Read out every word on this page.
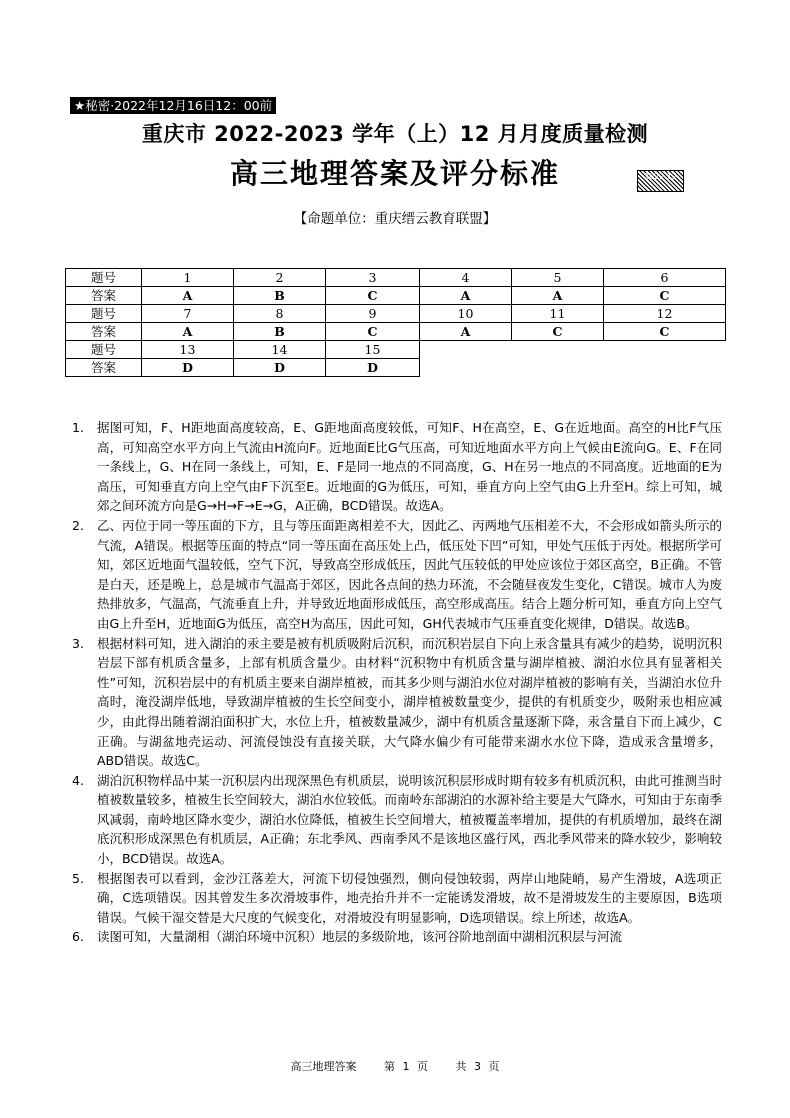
★秘密·2022年12月16日12：00前
重庆市 2022-2023 学年（上）12 月月度质量检测
高三地理答案及评分标准	2022.12
【命题单位：重庆缙云教育联盟】
题号	1	2	3	4	5	6
答案	A	B	C	A	A	C
题号	7	8	9	10	11	12
答案	A	B	C	A	C	C
题号	13	14	15			
答案	D	D	D			
1.	据图可知，F、H距地面高度较高，E、G距地面高度较低，可知F、H在高空，E、G在近地面。高空的H比F气压高，可知高空水平方向上气流由H流向F。近地面E比G气压高，可知近地面水平方向上气候由E流向G。E、F在同一条线上，G、H在同一条线上，可知，E、F是同一地点的不同高度，G、H在另一地点的不同高度。近地面的E为高压，可知垂直方向上空气由F下沉至E。近地面的G为低压，可知，垂直方向上空气由G上升至H。综上可知，城郊之间环流方向是G→H→F→E→G，A正确，BCD错误。故选A。
2.	乙、丙位于同一等压面的下方，且与等压面距离相差不大，因此乙、丙两地气压相差不大，不会形成如箭头所示的气流，A错误。根据等压面的特点“同一等压面在高压处上凸，低压处下凹”可知，甲处气压低于丙处。根据所学可知，郊区近地面气温较低，空气下沉，导致高空形成低压，因此气压较低的甲处应该位于郊区高空，B正确。不管是白天，还是晚上，总是城市气温高于郊区，因此各点间的热力环流，不会随昼夜发生变化，C错误。城市人为废热排放多，气温高，气流垂直上升，并导致近地面形成低压，高空形成高压。结合上题分析可知，垂直方向上空气由G上升至H，近地面G为低压，高空H为高压，因此可知，GH代表城市气压垂直变化规律，D错误。故选B。
3.	根据材料可知，进入湖泊的汞主要是被有机质吸附后沉积，而沉积岩层自下向上汞含量具有减少的趋势，说明沉积岩层下部有机质含量多，上部有机质含量少。由材料“沉积物中有机质含量与湖岸植被、湖泊水位具有显著相关性”可知，沉积岩层中的有机质主要来自湖岸植被，而其多少则与湖泊水位对湖岸植被的影响有关，当湖泊水位升高时，淹没湖岸低地，导致湖岸植被的生长空间变小，湖岸植被数量变少，提供的有机质变少，吸附汞也相应减少，由此得出随着湖泊面积扩大，水位上升，植被数量减少，湖中有机质含量逐渐下降，汞含量自下而上减少，C正确。与湖盆地壳运动、河流侵蚀没有直接关联，大气降水偏少有可能带来湖水水位下降，造成汞含量增多，ABD错误。故选C。
4.	湖泊沉积物样品中某一沉积层内出现深黑色有机质层，说明该沉积层形成时期有较多有机质沉积，由此可推测当时植被数量较多，植被生长空间较大，湖泊水位较低。而南岭东部湖泊的水源补给主要是大气降水，可知由于东南季风减弱，南岭地区降水变少，湖泊水位降低，植被生长空间增大，植被覆盖率增加，提供的有机质增加，最终在湖底沉积形成深黑色有机质层，A正确；东北季风、西南季风不是该地区盛行风，西北季风带来的降水较少，影响较小，BCD错误。故选A。
5.	根据图表可以看到，金沙江落差大，河流下切侵蚀强烈，侧向侵蚀较弱，两岸山地陡峭，易产生滑坡，A选项正确，C选项错误。因其曾发生多次滑坡事件，地壳抬升并不一定能诱发滑坡，故不是滑坡发生的主要原因，B选项错误。气候干湿交替是大尺度的气候变化，对滑坡没有明显影响，D选项错误。综上所述，故选A。
6.	读图可知，大量湖相（湖泊环境中沉积）地层的多级阶地，该河谷阶地剖面中湖相沉积层与河流
高三地理答案	第 1 页	共 3 页
